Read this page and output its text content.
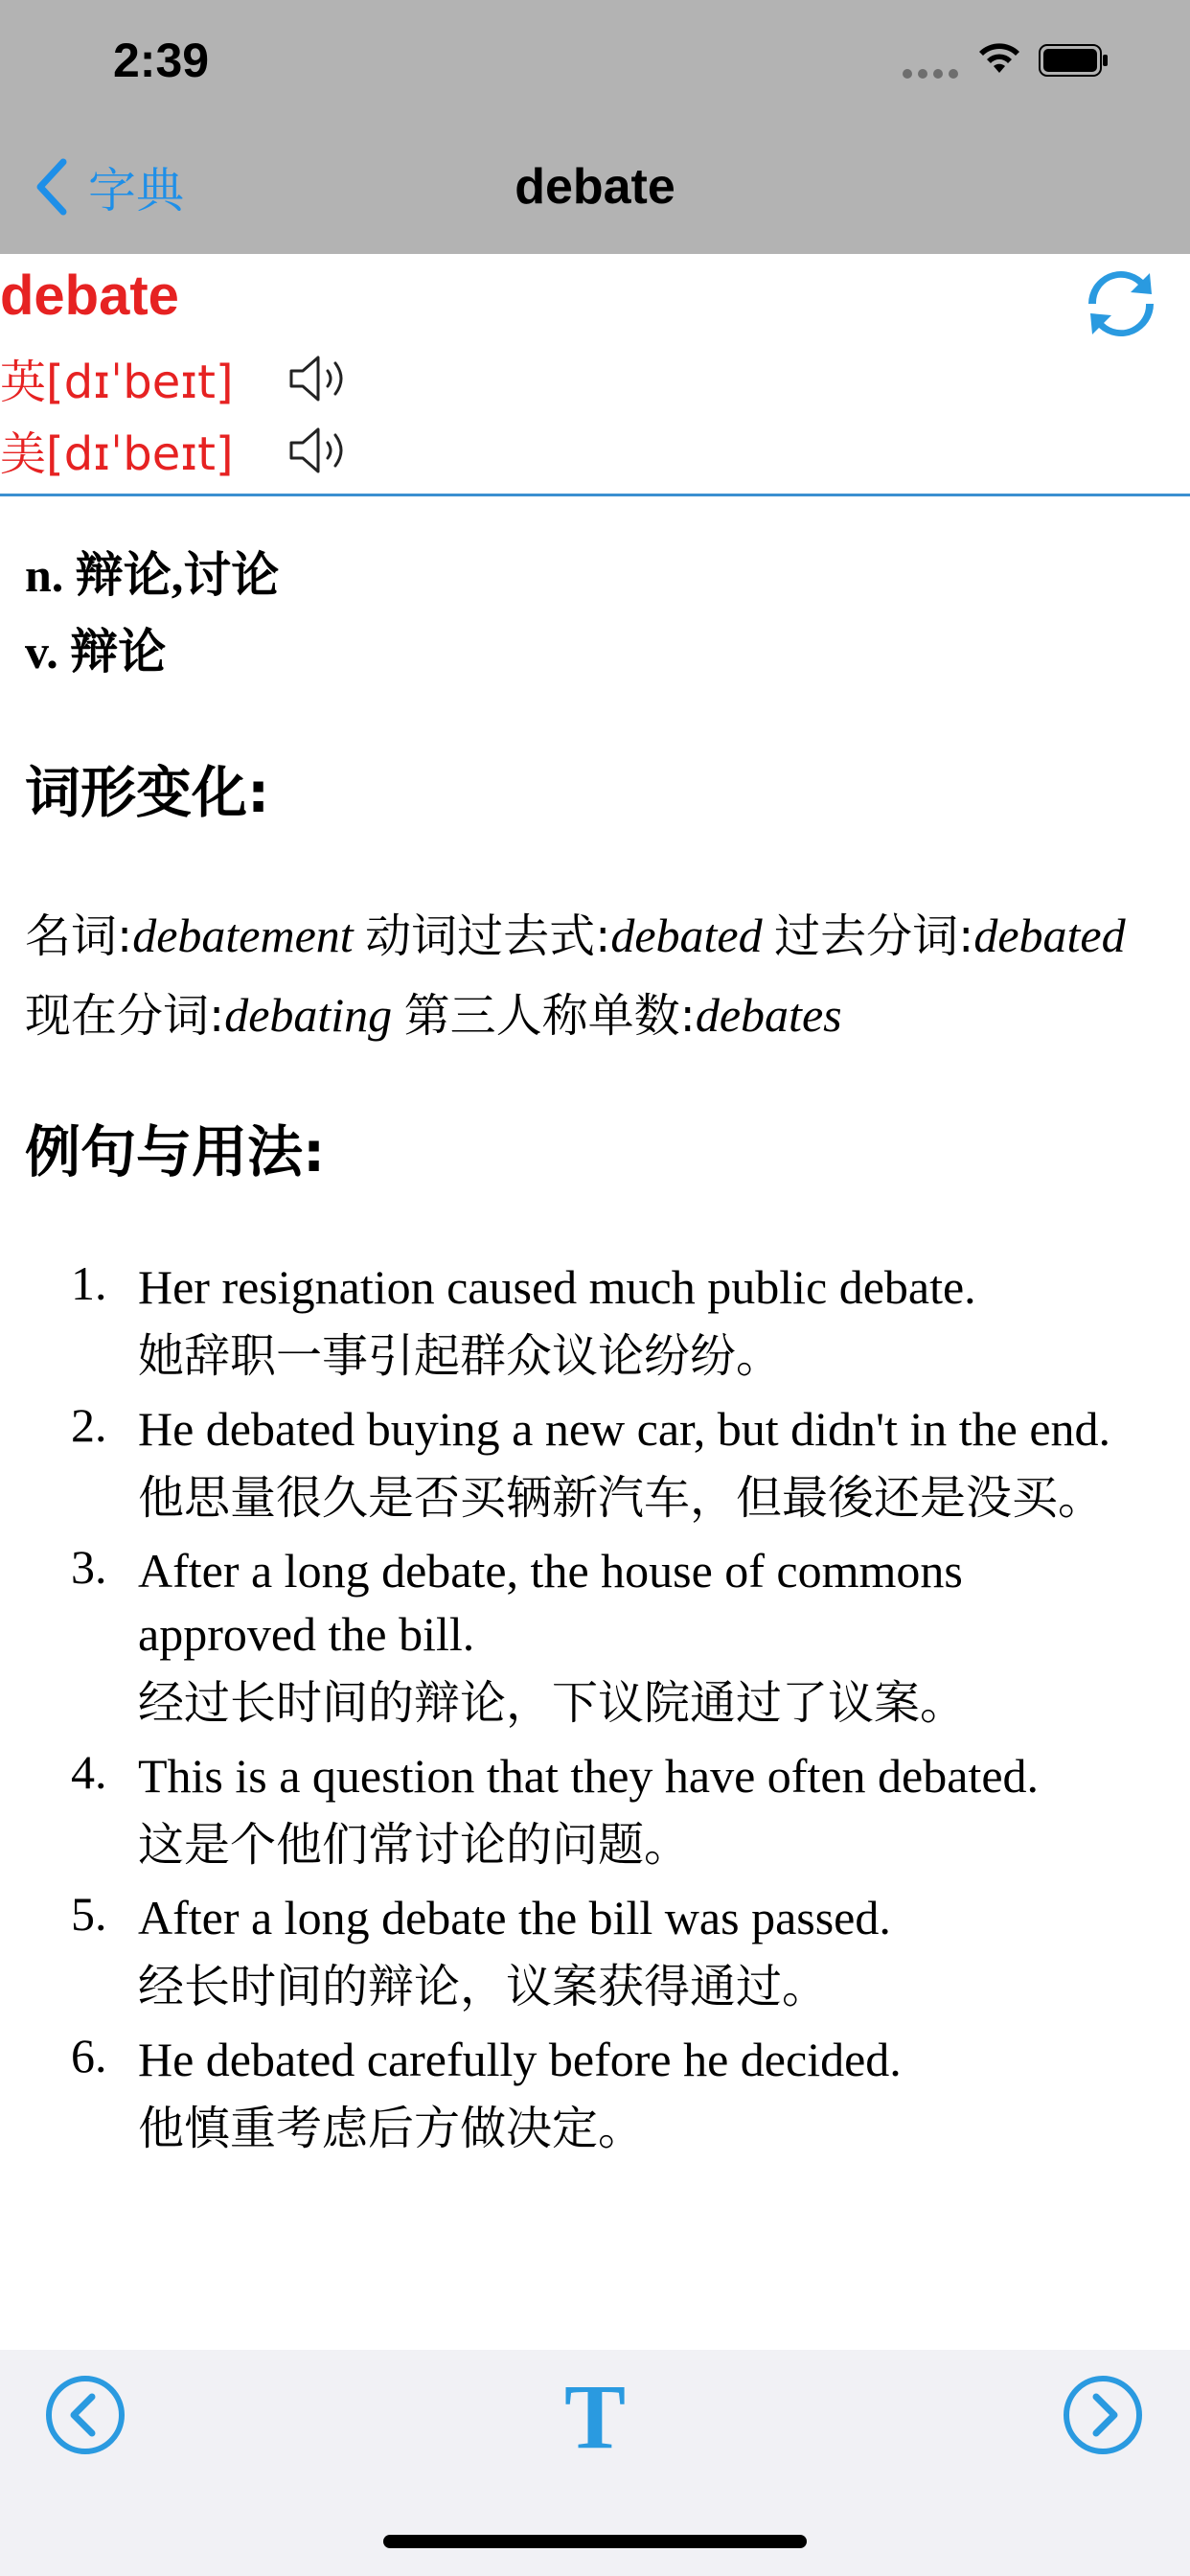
2:39
字典	debate
debate
英[dɪˈbeɪt]
美[dɪˈbeɪt]
n. 辩论,讨论
v. 辩论
词形变化:
名词:debatement 动词过去式:debated 过去分词:debated 现在分词:debating 第三人称单数:debates
例句与用法:
1. Her resignation caused much public debate.
她辞职一事引起群众议论纷纷。
2. He debated buying a new car, but didn't in the end.
他思量很久是否买辆新汽车，但最後还是没买。
3. After a long debate, the house of commons approved the bill.
经过长时间的辩论，下议院通过了议案。
4. This is a question that they have often debated.
这是个他们常讨论的问题。
5. After a long debate the bill was passed.
经长时间的辩论，议案获得通过。
6. He debated carefully before he decided.
他慎重考虑后方做决定。
T
